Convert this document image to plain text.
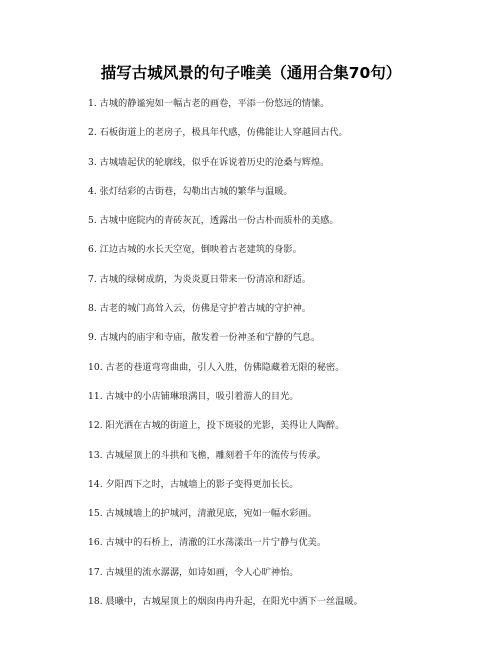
描写古城风景的句子唯美（通用合集70句）
1. 古城的静谧宛如一幅古老的画卷，平添一份悠远的情愫。
2. 石板街道上的老房子，极具年代感，仿佛能让人穿越回古代。
3. 古城墙起伏的轮廓线，似乎在诉说着历史的沧桑与辉煌。
4. 张灯结彩的古街巷，勾勒出古城的繁华与温暖。
5. 古城中庭院内的青砖灰瓦，透露出一份古朴而质朴的美感。
6. 江边古城的水长天空宽，倒映着古老建筑的身影。
7. 古城的绿树成荫，为炎炎夏日带来一份清凉和舒适。
8. 古老的城门高耸入云，仿佛是守护着古城的守护神。
9. 古城内的庙宇和寺庙，散发着一份神圣和宁静的气息。
10. 古老的巷道弯弯曲曲，引人入胜，仿佛隐藏着无限的秘密。
11. 古城中的小店铺琳琅满目，吸引着游人的目光。
12. 阳光洒在古城的街道上，投下斑驳的光影，美得让人陶醉。
13. 古城屋顶上的斗拱和飞檐，雕刻着千年的流传与传承。
14. 夕阳西下之时，古城墙上的影子变得更加长长。
15. 古城城墙上的护城河，清澈见底，宛如一幅水彩画。
16. 古城中的石桥上，清澈的江水荡漾出一片宁静与优美。
17. 古城里的流水潺潺，如诗如画，令人心旷神怡。
18. 晨曦中，古城屋顶上的烟囱冉冉升起，在阳光中洒下一丝温暖。
